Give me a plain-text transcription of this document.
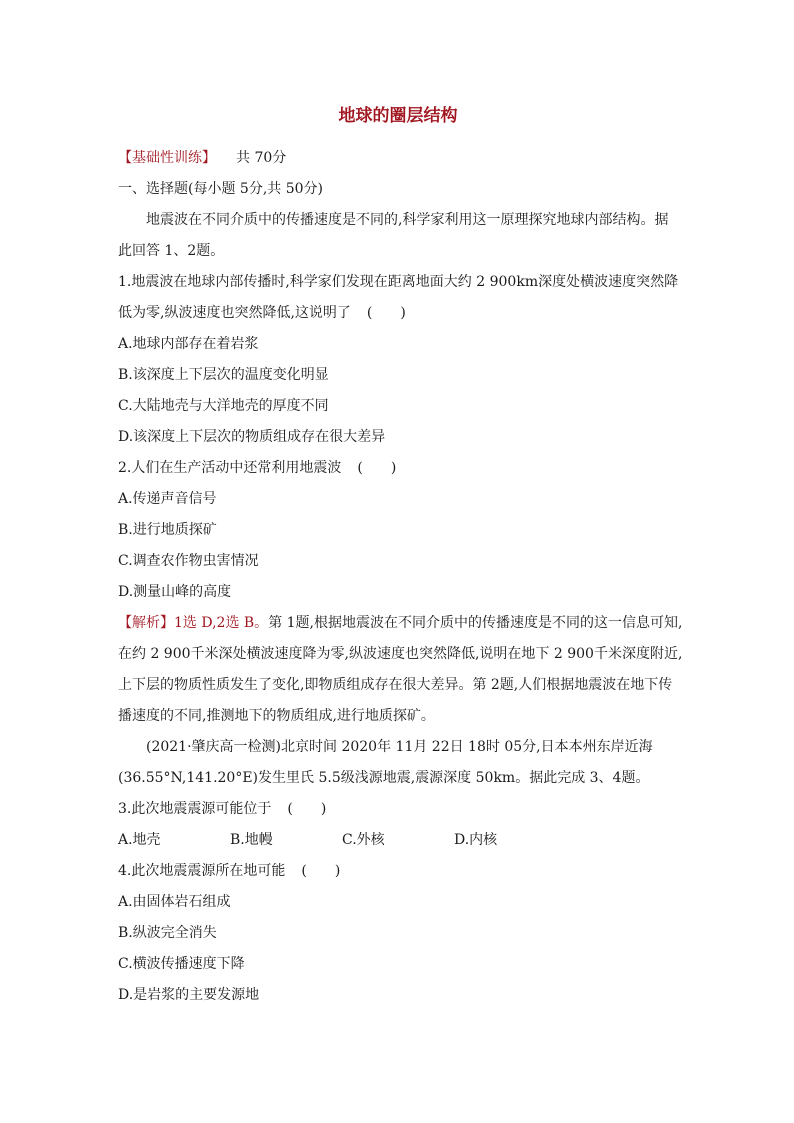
地球的圈层结构
【基础性训练】 共 70分
一、选择题(每小题 5分,共 50分)
地震波在不同介质中的传播速度是不同的,科学家利用这一原理探究地球内部结构。据
此回答 1、2题。
1.地震波在地球内部传播时,科学家们发现在距离地面大约 2 900km深度处横波速度突然降
低为零,纵波速度也突然降低,这说明了 (　　)
A.地球内部存在着岩浆
B.该深度上下层次的温度变化明显
C.大陆地壳与大洋地壳的厚度不同
D.该深度上下层次的物质组成存在很大差异
2.人们在生产活动中还常利用地震波 (　　)
A.传递声音信号
B.进行地质探矿
C.调查农作物虫害情况
D.测量山峰的高度
【解析】1选 D,2选 B。第 1题,根据地震波在不同介质中的传播速度是不同的这一信息可知,
在约 2 900千米深处横波速度降为零,纵波速度也突然降低,说明在地下 2 900千米深度附近,
上下层的物质性质发生了变化,即物质组成存在很大差异。第 2题,人们根据地震波在地下传
播速度的不同,推测地下的物质组成,进行地质探矿。
(2021·肇庆高一检测)北京时间 2020年 11月 22日 18时 05分,日本本州东岸近海
(36.55°N,141.20°E)发生里氏 5.5级浅源地震,震源深度 50km。据此完成 3、4题。
3.此次地震震源可能位于 (　　)
A.地壳	B.地幔	C.外核	D.内核
4.此次地震震源所在地可能 (　　)
A.由固体岩石组成
B.纵波完全消失
C.横波传播速度下降
D.是岩浆的主要发源地
